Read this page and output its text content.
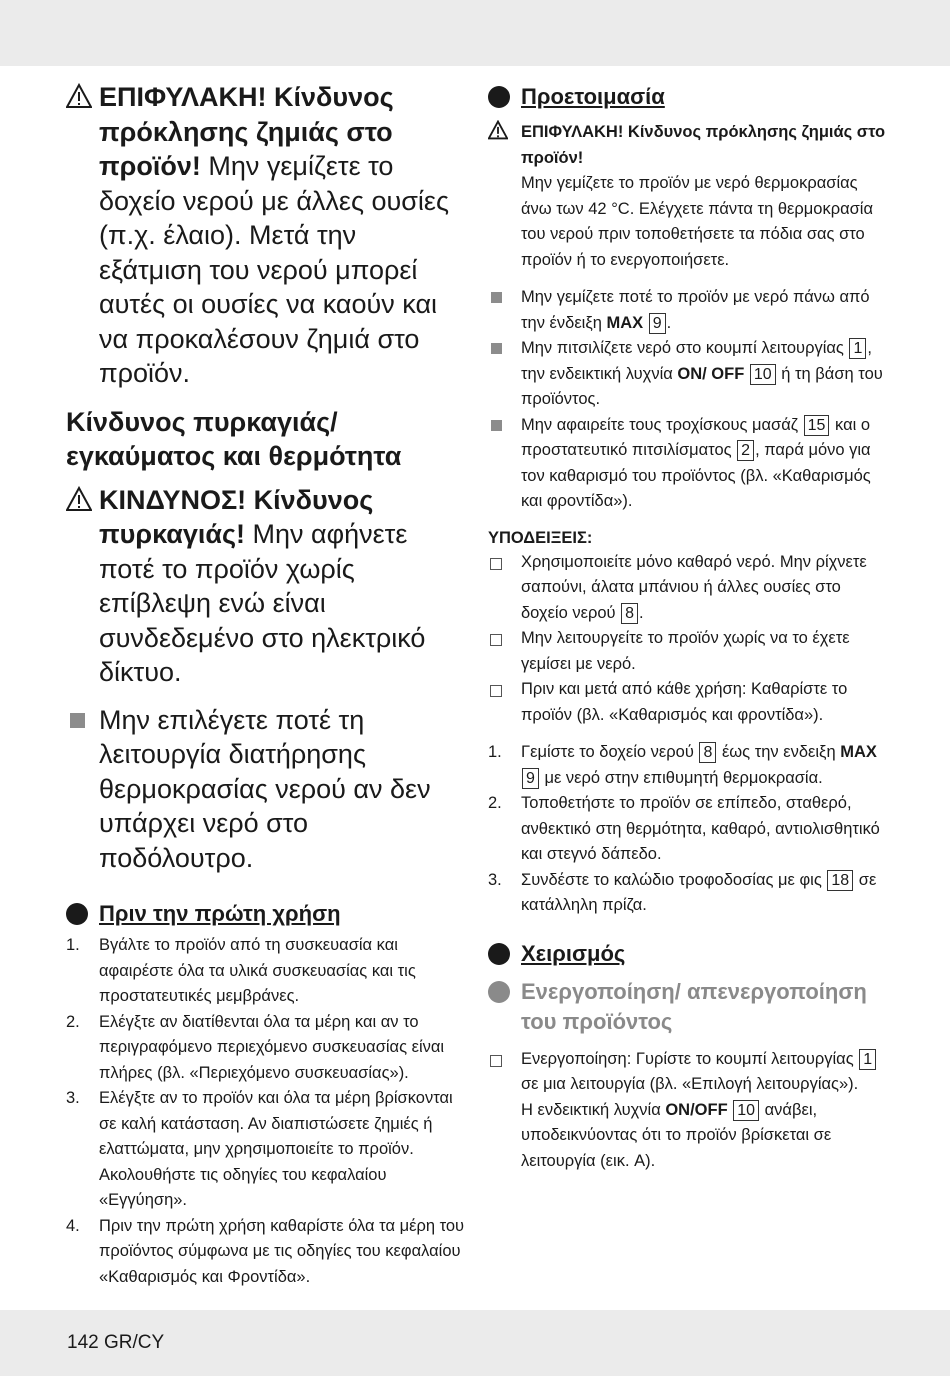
ΕΠΙΦΥΛΑΚΗ! Κίνδυνος πρόκλησης ζημιάς στο προϊόν! Μην γεμίζετε το δοχείο νερού με άλλες ουσίες (π.χ. έλαιο). Μετά την εξάτμιση του νερού μπορεί αυτές οι ουσίες να καούν και να προκαλέσουν ζημιά στο προϊόν.
Κίνδυνος πυρκαγιάς/ εγκαύματος και θερμότητα
ΚΙΝΔΥΝΟΣ! Κίνδυνος πυρκαγιάς! Μην αφήνετε ποτέ το προϊόν χωρίς επίβλεψη ενώ είναι συνδεδεμένο στο ηλεκτρικό δίκτυο.
Μην επιλέγετε ποτέ τη λειτουργία διατήρησης θερμοκρασίας νερού αν δεν υπάρχει νερό στο ποδόλουτρο.
Πριν την πρώτη χρήση
1. Βγάλτε το προϊόν από τη συσκευασία και αφαιρέστε όλα τα υλικά συσκευασίας και τις προστατευτικές μεμβράνες.
2. Ελέγξτε αν διατίθενται όλα τα μέρη και αν το περιγραφόμενο περιεχόμενο συσκευασίας είναι πλήρες (βλ. «Περιεχόμενο συσκευασίας»).
3. Ελέγξτε αν το προϊόν και όλα τα μέρη βρίσκονται σε καλή κατάσταση. Αν διαπιστώσετε ζημιές ή ελαττώματα, μην χρησιμοποιείτε το προϊόν. Ακολουθήστε τις οδηγίες του κεφαλαίου «Εγγύηση».
4. Πριν την πρώτη χρήση καθαρίστε όλα τα μέρη του προϊόντος σύμφωνα με τις οδηγίες του κεφαλαίου «Καθαρισμός και Φροντίδα».
Προετοιμασία
ΕΠΙΦΥΛΑΚΗ! Κίνδυνος πρόκλησης ζημιάς στο προϊόν!
Μην γεμίζετε το προϊόν με νερό θερμοκρασίας άνω των 42 °C. Ελέγχετε πάντα τη θερμοκρασία του νερού πριν τοποθετήσετε τα πόδια σας στο προϊόν ή το ενεργοποιήσετε.
Μην γεμίζετε ποτέ το προϊόν με νερό πάνω από την ένδειξη MAX 9 .
Μην πιτσιλίζετε νερό στο κουμπί λειτουργίας 1 , την ενδεικτική λυχνία ON/ OFF 10 ή τη βάση του προϊόντος.
Μην αφαιρείτε τους τροχίσκους μασάζ 15 και ο προστατευτικό πιτσιλίσματος 2 , παρά μόνο για τον καθαρισμό του προϊόντος (βλ. «Καθαρισμός και φροντίδα»).
ΥΠΟΔΕΙΞΕΙΣ:
Χρησιμοποιείτε μόνο καθαρό νερό. Μην ρίχνετε σαπούνι, άλατα μπάνιου ή άλλες ουσίες στο δοχείο νερού 8 .
Μην λειτουργείτε το προϊόν χωρίς να το έχετε γεμίσει με νερό.
Πριν και μετά από κάθε χρήση: Καθαρίστε το προϊόν (βλ. «Καθαρισμός και φροντίδα»).
1. Γεμίστε το δοχείο νερού 8 έως την ενδειξη MAX 9 με νερό στην επιθυμητή θερμοκρασία.
2. Τοποθετήστε το προϊόν σε επίπεδο, σταθερό, ανθεκτικό στη θερμότητα, καθαρό, αντιολισθητικό και στεγνό δάπεδο.
3. Συνδέστε το καλώδιο τροφοδοσίας με φις 18 σε κατάλληλη πρίζα.
Χειρισμός
Ενεργοποίηση/ απενεργοποίηση του προϊόντος
Ενεργοποίηση: Γυρίστε το κουμπί λειτουργίας 1 σε μια λειτουργία (βλ. «Επιλογή λειτουργίας»).
Η ενδεικτική λυχνία ON/OFF 10 ανάβει, υποδεικνύοντας ότι το προϊόν βρίσκεται σε λειτουργία (εικ. A).
142 GR/CY
